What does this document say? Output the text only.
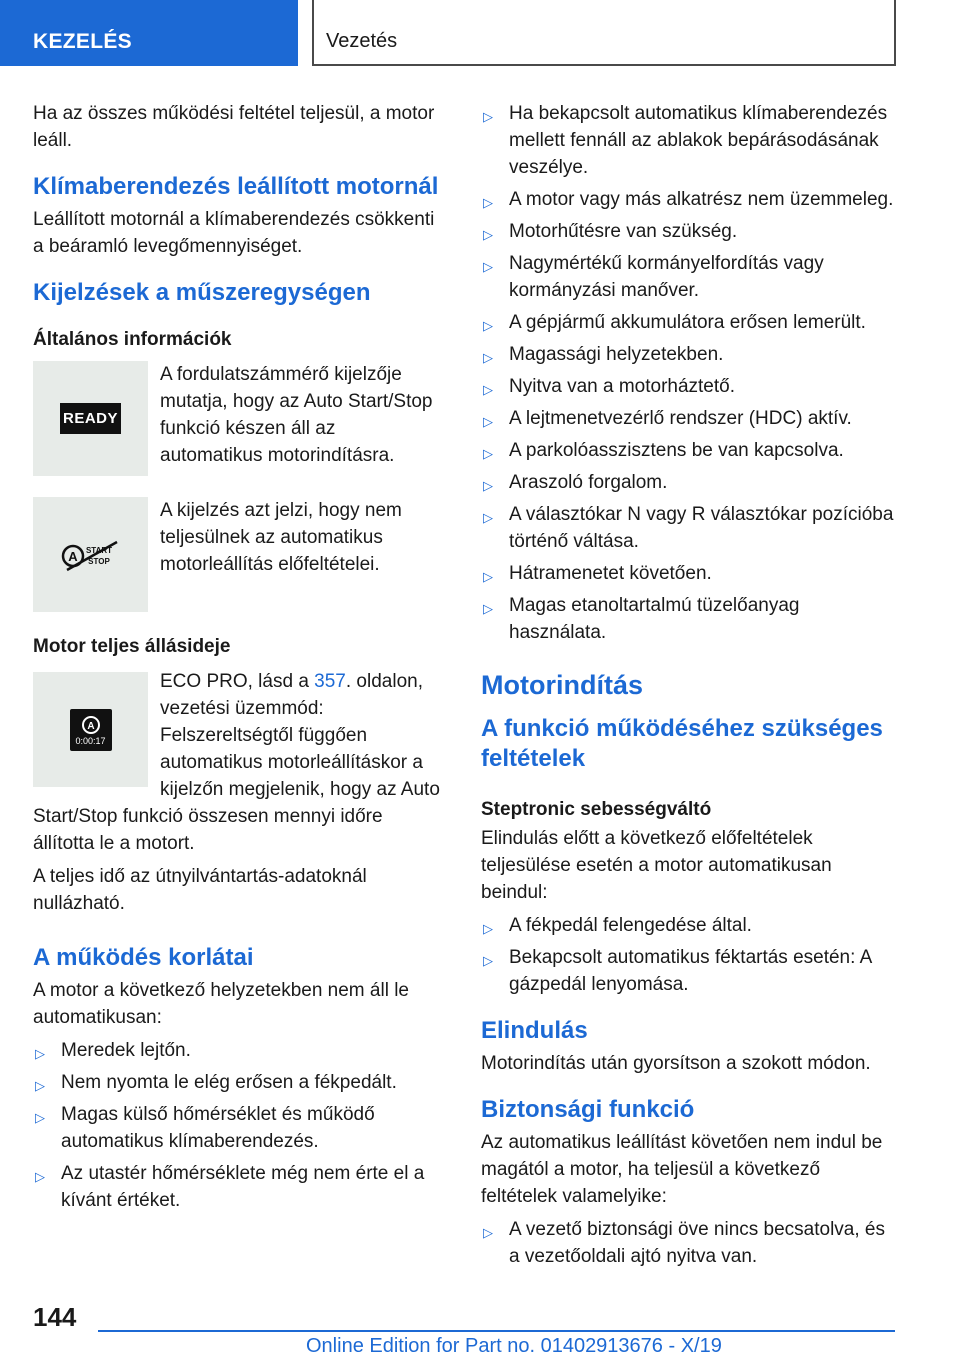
KEZELÉS	Vezetés

Ha az összes működési feltétel teljesül, a motor leáll.

Klímaberendezés leállított motornál

Leállított motornál a klímaberendezés csökkenti a beáramló levegőmennyiséget.

Kijelzések a műszeregységen
Általános információk
READY

A fordulatszámmérő kijelzője mutatja, hogy az Auto Start/Stop funkció készen áll az automatikus motorindításra.

A START
STOP

A kijelzés azt jelzi, hogy nem teljesülnek az automatikus motorleállítás előfeltételei.

Motor teljes állásideje
A
0:00:17

ECO PRO, lásd a 357. oldalon, vezetési üzemmód: Felszereltségtől függően automatikus motorleállításkor a kijelzőn megjelenik, hogy az Auto Start/Stop funkció összesen mennyi időre állította le a motort.

A teljes idő az útnyilvántartás-adatoknál nullázható.

A működés korlátai

A motor a következő helyzetekben nem áll le automatikusan:

▷ Meredek lejtőn.
▷ Nem nyomta le elég erősen a fékpedált.
▷ Magas külső hőmérséklet és működő automatikus klímaberendezés.
▷ Az utastér hőmérséklete még nem érte el a kívánt értéket.
▷ Ha bekapcsolt automatikus klímaberendezés mellett fennáll az ablakok bepárásodásának veszélye.
▷ A motor vagy más alkatrész nem üzemmeleg.
▷ Motorhűtésre van szükség.
▷ Nagymértékű kormányelfordítás vagy kormányzási manőver.
▷ A gépjármű akkumulátora erősen lemerült.
▷ Magassági helyzetekben.
▷ Nyitva van a motorháztető.
▷ A lejtmenetvezérlő rendszer (HDC) aktív.
▷ A parkolóasszisztens be van kapcsolva.
▷ Araszoló forgalom.
▷ A választókar N vagy R választókar pozícióba történő váltása.
▷ Hátramenetet követően.
▷ Magas etanoltartalmú tüzelőanyag használata.
Motorindítás
A funkció működéséhez szükséges feltételek
Steptronic sebességváltó

Elindulás előtt a következő előfeltételek teljesülése esetén a motor automatikusan beindul:

▷ A fékpedál felengedése által.
▷ Bekapcsolt automatikus féktartás esetén: A gázpedál lenyomása.
Elindulás

Motorindítás után gyorsítson a szokott módon.

Biztonsági funkció

Az automatikus leállítást követően nem indul be magától a motor, ha teljesül a következő feltételek valamelyike:

▷ A vezető biztonsági öve nincs becsatolva, és a vezetőoldali ajtó nyitva van.
144
Online Edition for Part no. 01402913676 - X/19
